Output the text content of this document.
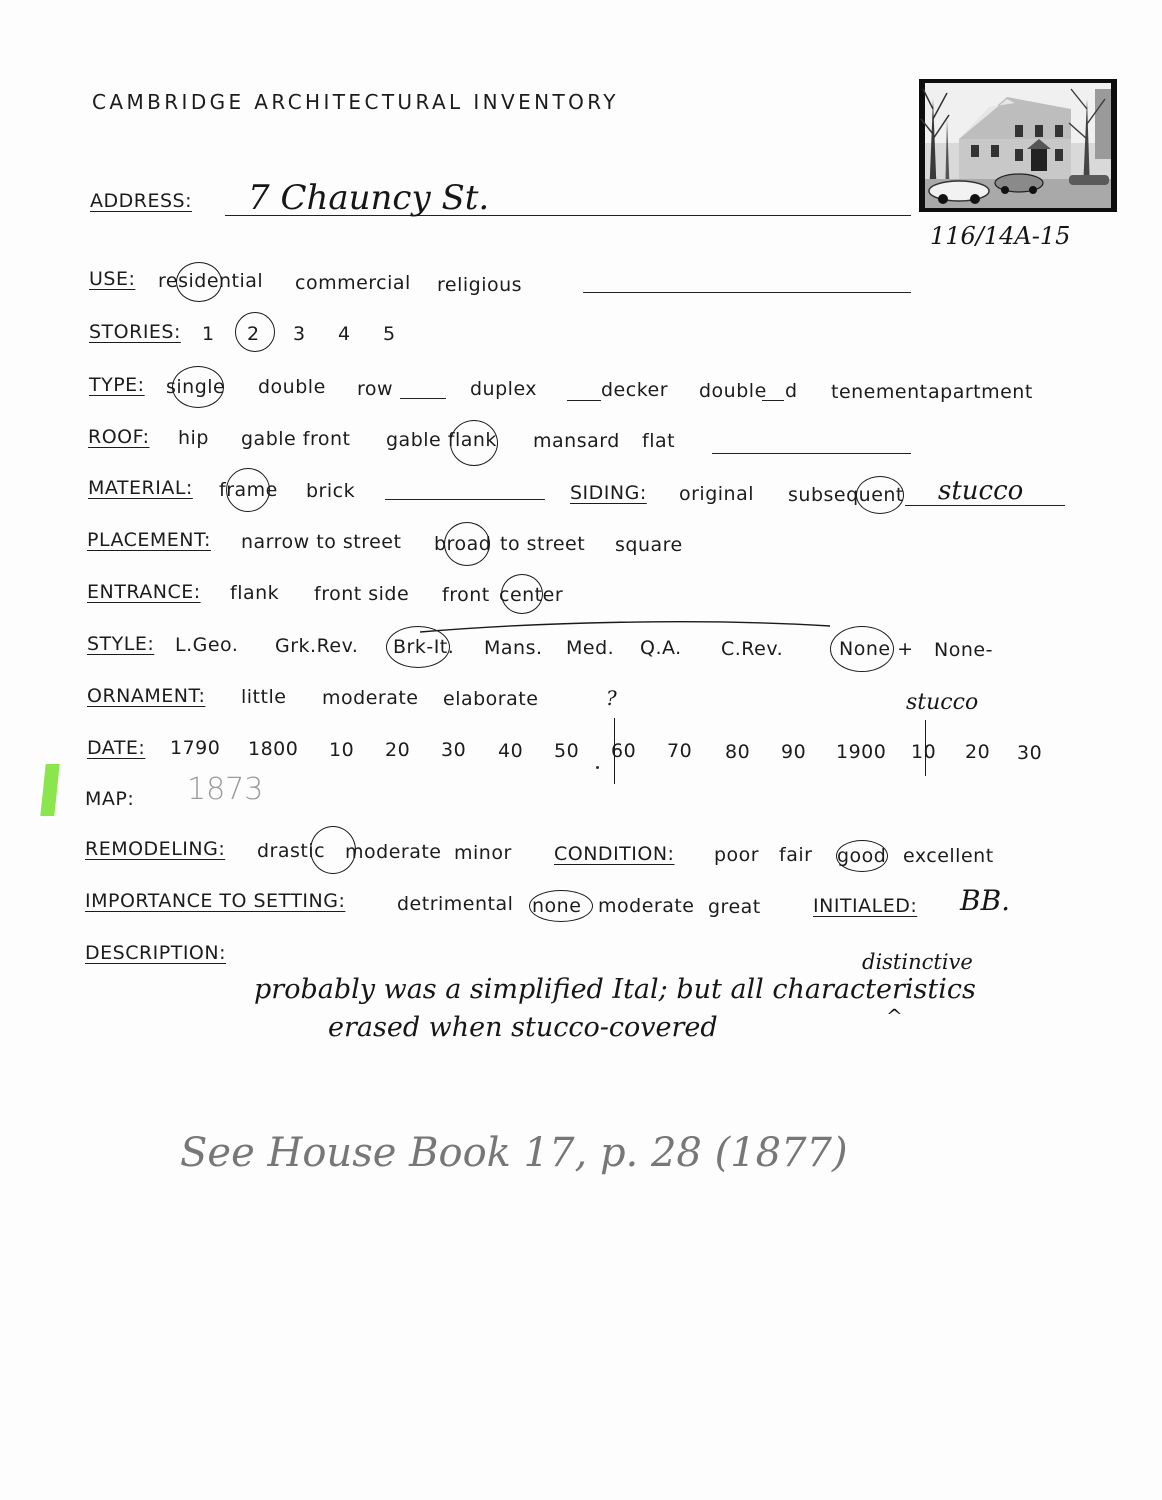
CAMBRIDGE ARCHITECTURAL INVENTORY
116/14A-15
ADDRESS: 7 Chauncy St.
USE: residential commercial religious
STORIES: 1 2 3 4 5
TYPE: single double row	duplex	decker double d tenement apartment
ROOF: hip gable front gable flank mansard flat
MATERIAL: frame brick	SIDING: original subsequent stucco
PLACEMENT: narrow to street broad to street square
ENTRANCE: flank front side front center
STYLE: L.Geo. Grk.Rev. Brk-It. Mans. Med. Q.A. C.Rev.	None + None-
ORNAMENT: little moderate elaborate	?
DATE: 1790 1800 10 20 30 40 50 60 70 80 90 1900 10 20 30
stucco
MAP: 1873
REMODELING: drastic moderate minor CONDITION: poor fair good excellent
IMPORTANCE TO SETTING:	detrimental none moderate great	INITIALED: BB.
DESCRIPTION:	distinctive
probably was a simplified Ital; but all characteristics
^
erased when stucco-covered
See House Book 17, p. 28 (1877)
